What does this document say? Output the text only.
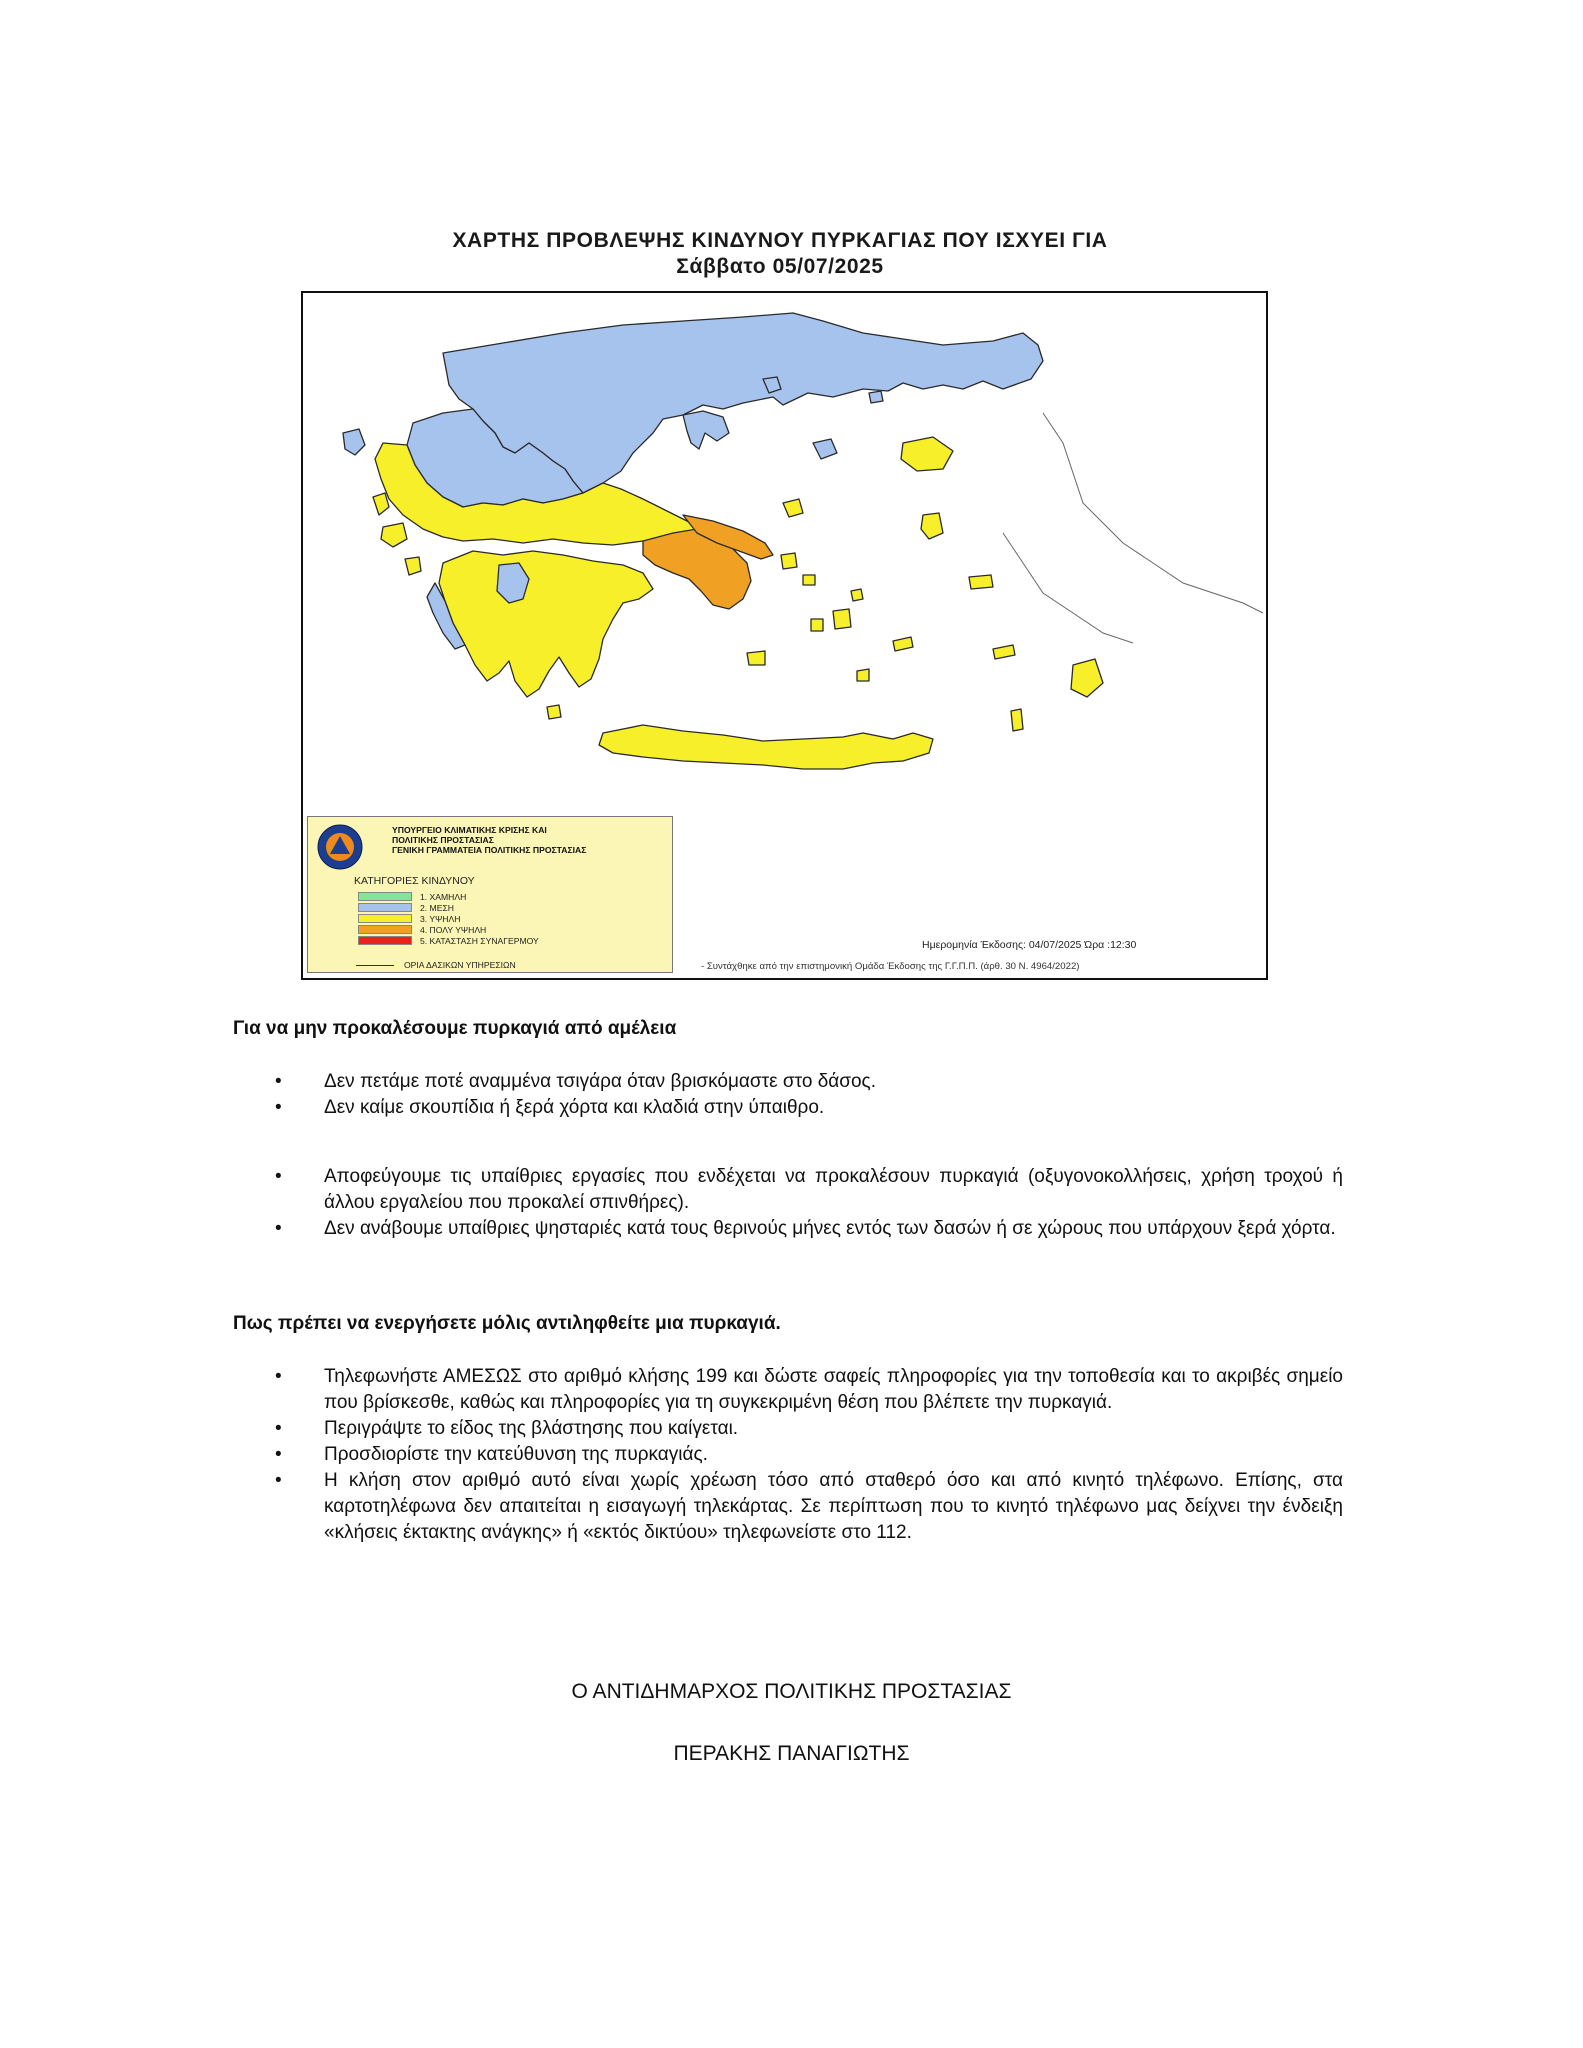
ΧΑΡΤΗΣ ΠΡΟΒΛΕΨΗΣ ΚΙΝΔΥΝΟΥ ΠΥΡΚΑΓΙΑΣ ΠΟΥ ΙΣΧΥΕΙ ΓΙΑ
Σάββατο 05/07/2025
ΥΠΟΥΡΓΕΙΟ ΚΛΙΜΑΤΙΚΗΣ ΚΡΙΣΗΣ ΚΑΙ
ΠΟΛΙΤΙΚΗΣ ΠΡΟΣΤΑΣΙΑΣ
ΓΕΝΙΚΗ ΓΡΑΜΜΑΤΕΙΑ ΠΟΛΙΤΙΚΗΣ ΠΡΟΣΤΑΣΙΑΣ
ΚΑΤΗΓΟΡΙΕΣ ΚΙΝΔΥΝΟΥ
1. ΧΑΜΗΛΗ
2. ΜΕΣΗ
3. ΥΨΗΛΗ
4. ΠΟΛΥ ΥΨΗΛΗ
5. ΚΑΤΑΣΤΑΣΗ ΣΥΝΑΓΕΡΜΟΥ
ΟΡΙΑ ΔΑΣΙΚΩΝ ΥΠΗΡΕΣΙΩΝ
Ημερομηνία Έκδοσης: 04/07/2025 Ώρα :12:30
- Συντάχθηκε από την επιστημονική Ομάδα Έκδοσης της Γ.Γ.Π.Π. (άρθ. 30 Ν. 4964/2022)
Για να μην προκαλέσουμε πυρκαγιά από αμέλεια
• Δεν πετάμε ποτέ αναμμένα τσιγάρα όταν βρισκόμαστε στο δάσος.
• Δεν καίμε σκουπίδια ή ξερά χόρτα και κλαδιά στην ύπαιθρο.
• Αποφεύγουμε τις υπαίθριες εργασίες που ενδέχεται να προκαλέσουν πυρκαγιά (οξυγονοκολλήσεις, χρήση τροχού ή άλλου εργαλείου που προκαλεί σπινθήρες).
• Δεν ανάβουμε υπαίθριες ψησταριές κατά τους θερινούς μήνες εντός των δασών ή σε χώρους που υπάρχουν ξερά χόρτα.
Πως πρέπει να ενεργήσετε μόλις αντιληφθείτε μια πυρκαγιά.
• Τηλεφωνήστε ΑΜΕΣΩΣ στο αριθμό κλήσης 199 και δώστε σαφείς πληροφορίες για την τοποθεσία και το ακριβές σημείο που βρίσκεσθε, καθώς και πληροφορίες για τη συγκεκριμένη θέση που βλέπετε την πυρκαγιά.
• Περιγράψτε το είδος της βλάστησης που καίγεται.
• Προσδιορίστε την κατεύθυνση της πυρκαγιάς.
• Η κλήση στον αριθμό αυτό είναι χωρίς χρέωση τόσο από σταθερό όσο και από κινητό τηλέφωνο. Επίσης, στα καρτοτηλέφωνα δεν απαιτείται η εισαγωγή τηλεκάρτας. Σε περίπτωση που το κινητό τηλέφωνο μας δείχνει την ένδειξη «κλήσεις έκτακτης ανάγκης» ή «εκτός δικτύου» τηλεφωνείστε στο 112.
Ο ΑΝΤΙΔΗΜΑΡΧΟΣ ΠΟΛΙΤΙΚΗΣ ΠΡΟΣΤΑΣΙΑΣ
ΠΕΡΑΚΗΣ ΠΑΝΑΓΙΩΤΗΣ
